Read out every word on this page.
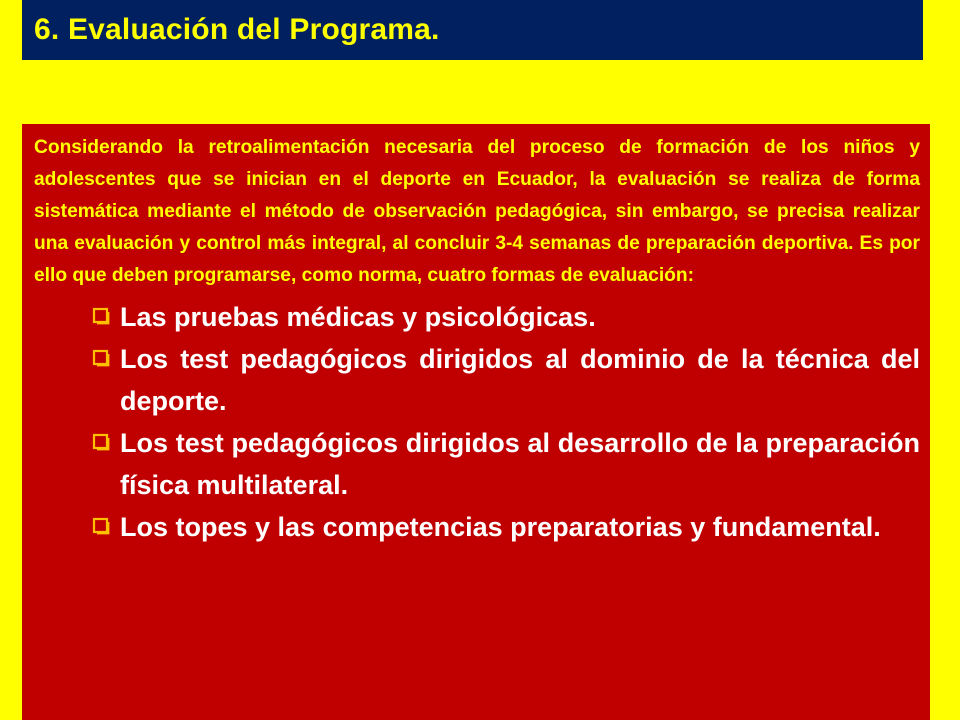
6. Evaluación del Programa.

Considerando la retroalimentación necesaria del proceso de formación de los niños y adolescentes que se inician en el deporte en Ecuador, la evaluación se realiza de forma sistemática mediante el método de observación pedagógica, sin embargo, se precisa realizar una evaluación y control más integral, al concluir 3-4 semanas de preparación deportiva. Es por ello que deben programarse, como norma, cuatro formas de evaluación:

Las pruebas médicas y psicológicas.
Los test pedagógicos dirigidos al dominio de la técnica del deporte.
Los test pedagógicos dirigidos al desarrollo de la preparación física multilateral.
Los topes y las competencias preparatorias y fundamental.
